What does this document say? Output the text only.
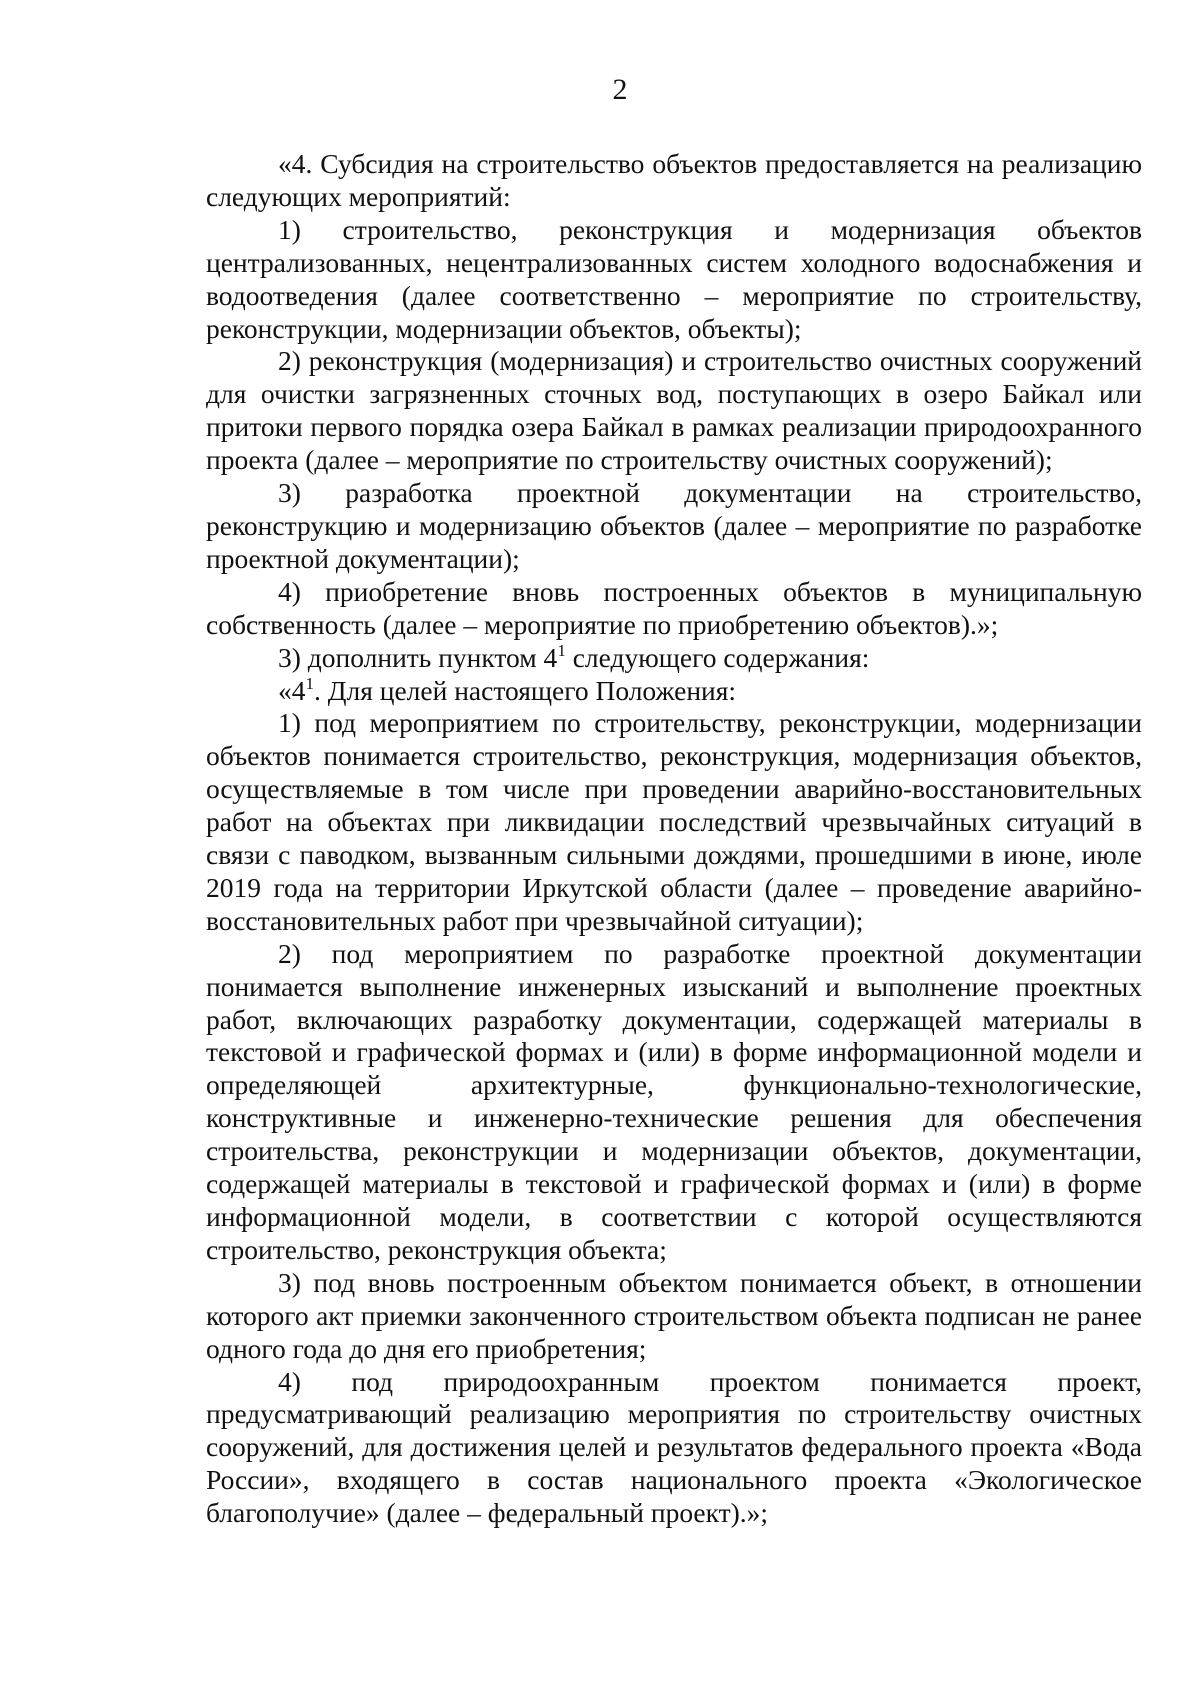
2

«4. Субсидия на строительство объектов предоставляется на реализацию следующих мероприятий:

1) строительство, реконструкция и модернизация объектов централизованных, нецентрализованных систем холодного водоснабжения и водоотведения (далее соответственно – мероприятие по строительству, реконструкции, модернизации объектов, объекты);

2) реконструкция (модернизация) и строительство очистных сооружений для очистки загрязненных сточных вод, поступающих в озеро Байкал или притоки первого порядка озера Байкал в рамках реализации природоохранного проекта (далее – мероприятие по строительству очистных сооружений);

3) разработка проектной документации на строительство, реконструкцию и модернизацию объектов (далее – мероприятие по разработке проектной документации);

4) приобретение вновь построенных объектов в муниципальную собственность (далее – мероприятие по приобретению объектов).»;

3) дополнить пунктом $4^1$ следующего содержания:

«$4^1$. Для целей настоящего Положения:

1) под мероприятием по строительству, реконструкции, модернизации объектов понимается строительство, реконструкция, модернизация объектов, осуществляемые в том числе при проведении аварийно-восстановительных работ на объектах при ликвидации последствий чрезвычайных ситуаций в связи с паводком, вызванным сильными дождями, прошедшими в июне, июле 2019 года на территории Иркутской области (далее – проведение аварийно-восстановительных работ при чрезвычайной ситуации);

2) под мероприятием по разработке проектной документации понимается выполнение инженерных изысканий и выполнение проектных работ, включающих разработку документации, содержащей материалы в текстовой и графической формах и (или) в форме информационной модели и определяющей архитектурные, функционально-технологические, конструктивные и инженерно-технические решения для обеспечения строительства, реконструкции и модернизации объектов, документации, содержащей материалы в текстовой и графической формах и (или) в форме информационной модели, в соответствии с которой осуществляются строительство, реконструкция объекта;

3) под вновь построенным объектом понимается объект, в отношении которого акт приемки законченного строительством объекта подписан не ранее одного года до дня его приобретения;

4) под природоохранным проектом понимается проект, предусматривающий реализацию мероприятия по строительству очистных сооружений, для достижения целей и результатов федерального проекта «Вода России», входящего в состав национального проекта «Экологическое благополучие» (далее – федеральный проект).»;
